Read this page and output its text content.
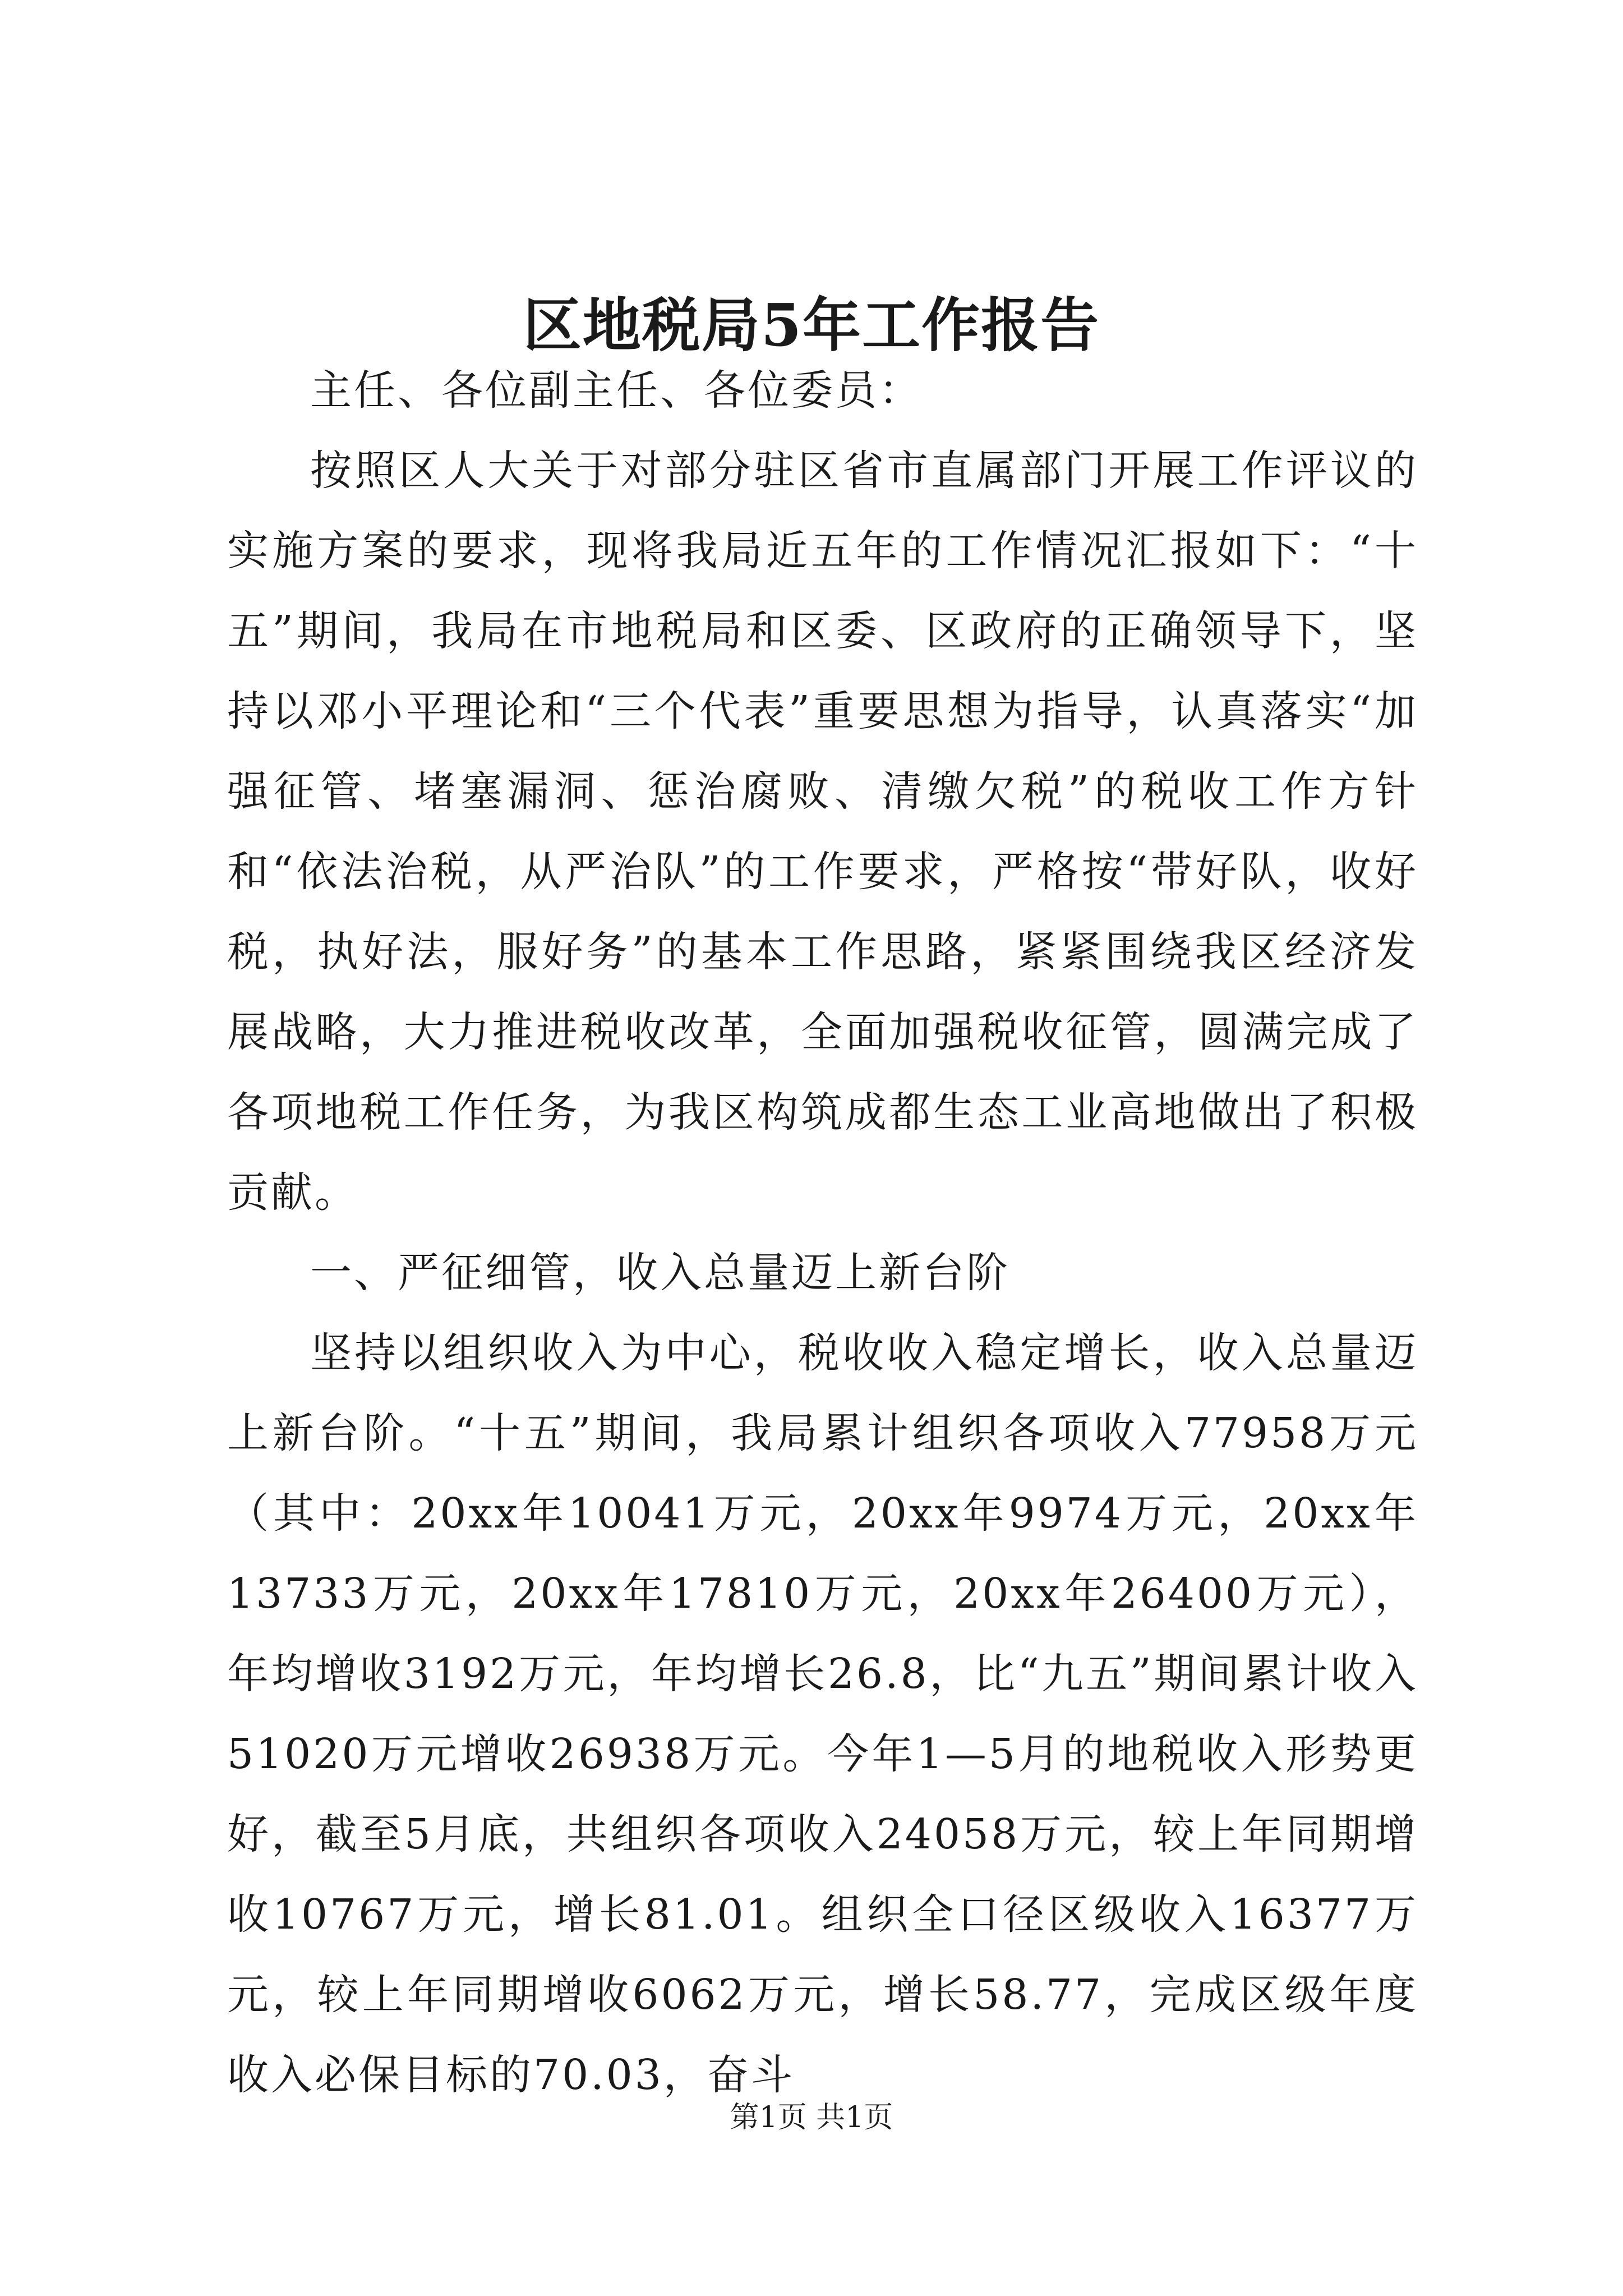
区地税局5年工作报告

主任、各位副主任、各位委员：

按照区人大关于对部分驻区省市直属部门开展工作评议的实施方案的要求，现将我局近五年的工作情况汇报如下：“十五”期间，我局在市地税局和区委、区政府的正确领导下，坚持以邓小平理论和“三个代表”重要思想为指导，认真落实“加强征管、堵塞漏洞、惩治腐败、清缴欠税”的税收工作方针和“依法治税，从严治队”的工作要求，严格按“带好队，收好税，执好法，服好务”的基本工作思路，紧紧围绕我区经济发展战略，大力推进税收改革，全面加强税收征管，圆满完成了各项地税工作任务，为我区构筑成都生态工业高地做出了积极贡献。

一、严征细管，收入总量迈上新台阶

坚持以组织收入为中心，税收收入稳定增长，收入总量迈上新台阶。“十五”期间，我局累计组织各项收入77958万元（其中：20xx年10041万元，20xx年9974万元，20xx年13733万元，20xx年17810万元，20xx年26400万元），年均增收3192万元，年均增长26.8，比“九五”期间累计收入51020万元增收26938万元。今年1—5月的地税收入形势更好，截至5月底，共组织各项收入24058万元，较上年同期增收10767万元，增长81.01。组织全口径区级收入16377万元，较上年同期增收6062万元，增长58.77，完成区级年度收入必保目标的70.03，奋斗

第1页 共1页
